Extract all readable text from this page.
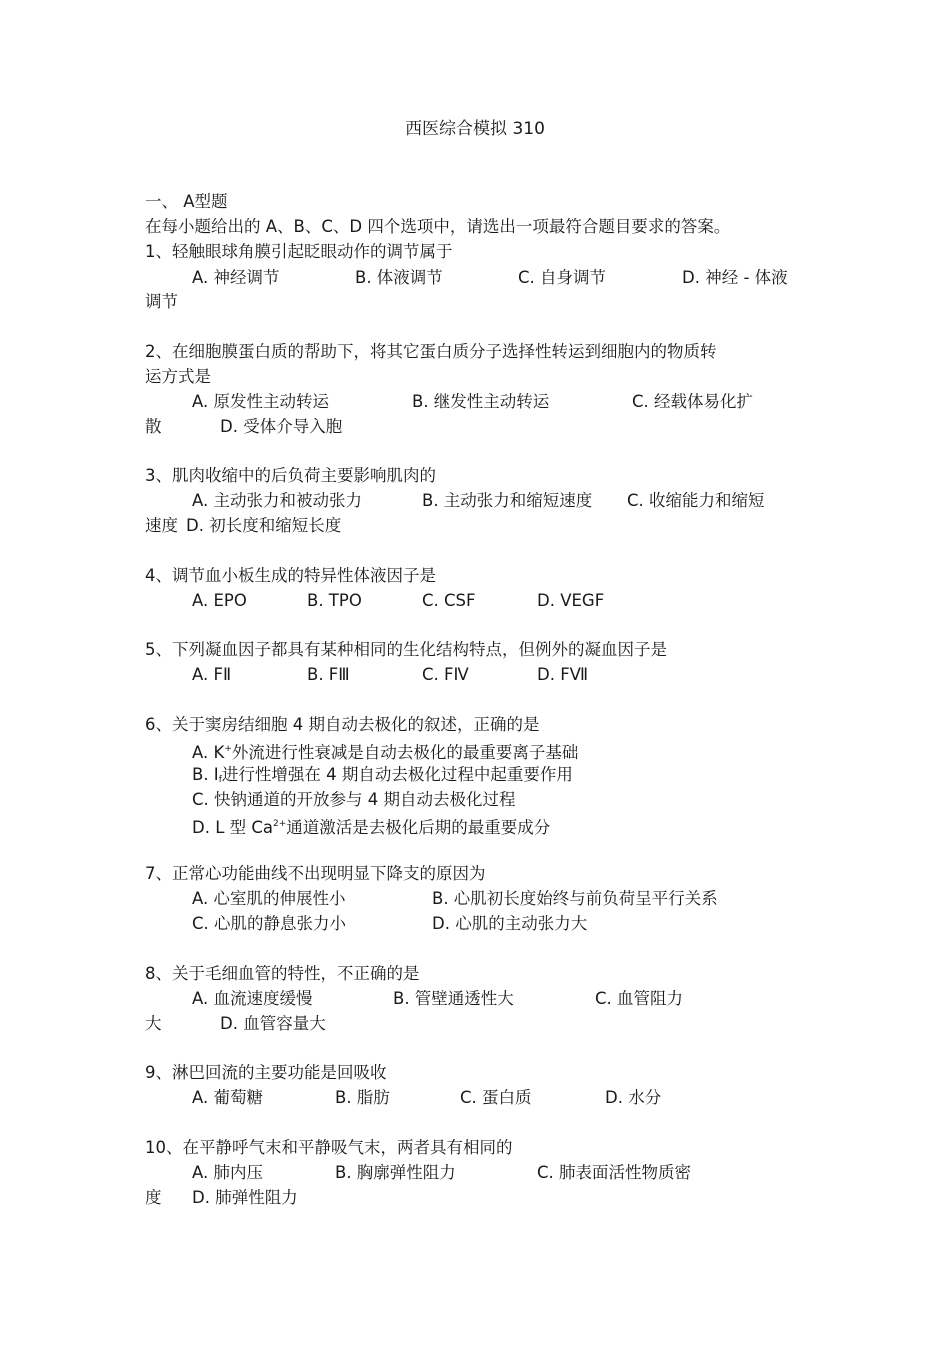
西医综合模拟 310
一、 A型题
在每小题给出的 A、B、C、D 四个选项中，请选出一项最符合题目要求的答案。
1、轻触眼球角膜引起眨眼动作的调节属于
A. 神经调节	B. 体液调节	C. 自身调节	D. 神经 - 体液
调节
2、在细胞膜蛋白质的帮助下，将其它蛋白质分子选择性转运到细胞内的物质转
运方式是
A. 原发性主动转运	B. 继发性主动转运	C. 经载体易化扩
散	D. 受体介导入胞
3、肌肉收缩中的后负荷主要影响肌肉的
A. 主动张力和被动张力	B. 主动张力和缩短速度 C. 收缩能力和缩短
速度 D. 初长度和缩短长度
4、调节血小板生成的特异性体液因子是
A. EPO	B. TPO	C. CSF	D. VEGF
5、下列凝血因子都具有某种相同的生化结构特点，但例外的凝血因子是
A. FⅡ	B. FⅢ	C. FⅣ	D. FⅦ
6、关于窦房结细胞 4 期自动去极化的叙述，正确的是
A. K+外流进行性衰减是自动去极化的最重要离子基础
B. $I_f$进行性增强在 4 期自动去极化过程中起重要作用
C. 快钠通道的开放参与 4 期自动去极化过程
D. L 型 $Ca^{2+}$通道激活是去极化后期的最重要成分
7、正常心功能曲线不出现明显下降支的原因为
A. 心室肌的伸展性小	B. 心肌初长度始终与前负荷呈平行关系
C. 心肌的静息张力小	D. 心肌的主动张力大
8、关于毛细血管的特性，不正确的是
A. 血流速度缓慢	B. 管壁通透性大	C. 血管阻力
大	D. 血管容量大
9、淋巴回流的主要功能是回吸收
A. 葡萄糖	B. 脂肪	C. 蛋白质	D. 水分
10、在平静呼气末和平静吸气末，两者具有相同的
A. 肺内压	B. 胸廓弹性阻力	C. 肺表面活性物质密
度 D. 肺弹性阻力
